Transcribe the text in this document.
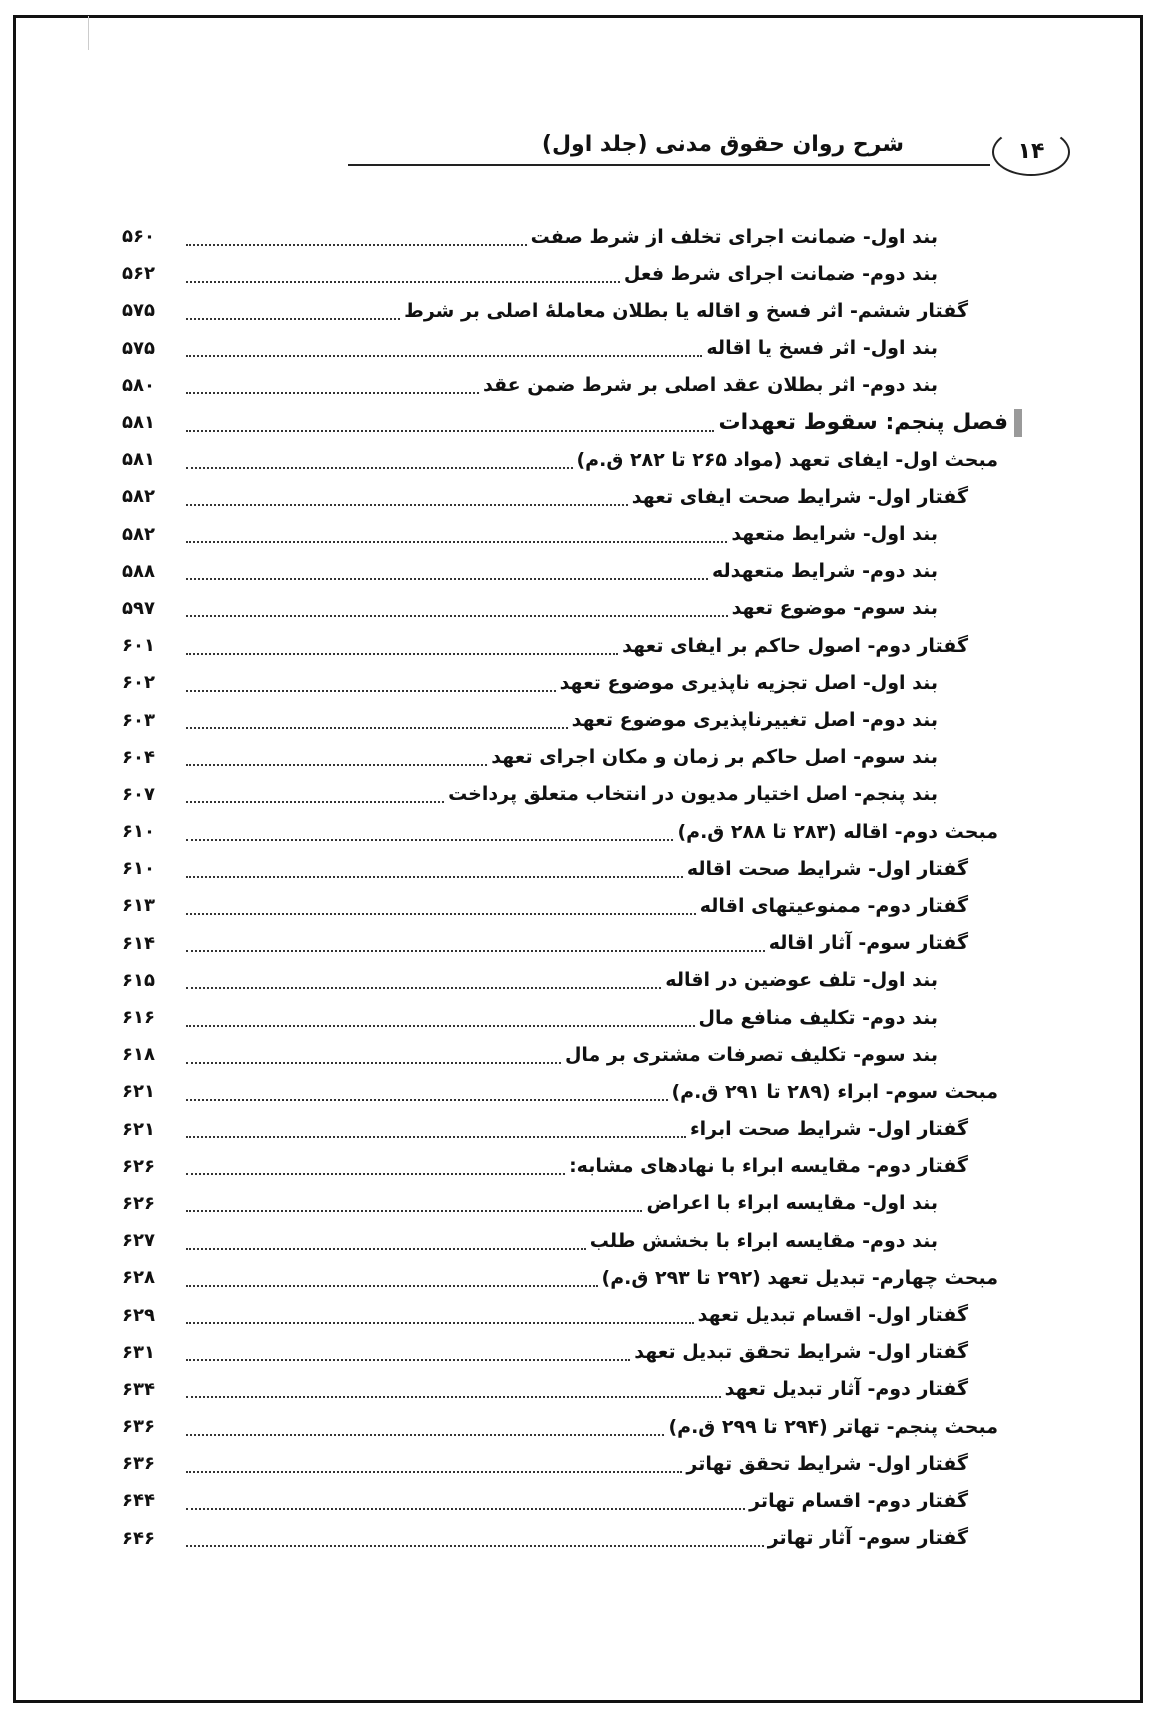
شرح روان حقوق مدنی (جلد اول)	۱۴
بند اول- ضمانت اجرای تخلف از شرط صفت
۵۶۰
بند دوم- ضمانت اجرای شرط فعل
۵۶۲
گفتار ششم- اثر فسخ و اقاله یا بطلان معاملهٔ اصلی بر شرط
۵۷۵
بند اول- اثر فسخ یا اقاله
۵۷۵
بند دوم- اثر بطلان عقد اصلی بر شرط ضمن عقد
۵۸۰
فصل پنجم: سقوط تعهدات
۵۸۱
مبحث اول- ایفای تعهد (مواد ۲۶۵ تا ۲۸۲ ق.م)
۵۸۱
گفتار اول- شرایط صحت ایفای تعهد
۵۸۲
بند اول- شرایط متعهد
۵۸۲
بند دوم- شرایط متعهدله
۵۸۸
بند سوم- موضوع تعهد
۵۹۷
گفتار دوم- اصول حاکم بر ایفای تعهد
۶۰۱
بند اول- اصل تجزیه ناپذیری موضوع تعهد
۶۰۲
بند دوم- اصل تغییرناپذیری موضوع تعهد
۶۰۳
بند سوم- اصل حاکم بر زمان و مکان اجرای تعهد
۶۰۴
بند پنجم- اصل اختیار مدیون در انتخاب متعلق پرداخت
۶۰۷
مبحث دوم- اقاله (۲۸۳ تا ۲۸۸ ق.م)
۶۱۰
گفتار اول- شرایط صحت اقاله
۶۱۰
گفتار دوم- ممنوعیتهای اقاله
۶۱۳
گفتار سوم- آثار اقاله
۶۱۴
بند اول- تلف عوضین در اقاله
۶۱۵
بند دوم- تکلیف منافع مال
۶۱۶
بند سوم- تکلیف تصرفات مشتری بر مال
۶۱۸
مبحث سوم- ابراء (۲۸۹ تا ۲۹۱ ق.م)
۶۲۱
گفتار اول- شرایط صحت ابراء
۶۲۱
گفتار دوم- مقایسه ابراء با نهادهای مشابه:
۶۲۶
بند اول- مقایسه ابراء با اعراض
۶۲۶
بند دوم- مقایسه ابراء با بخشش طلب
۶۲۷
مبحث چهارم- تبدیل تعهد (۲۹۲ تا ۲۹۳ ق.م)
۶۲۸
گفتار اول- اقسام تبدیل تعهد
۶۲۹
گفتار اول- شرایط تحقق تبدیل تعهد
۶۳۱
گفتار دوم- آثار تبدیل تعهد
۶۳۴
مبحث پنجم- تهاتر (۲۹۴ تا ۲۹۹ ق.م)
۶۳۶
گفتار اول- شرایط تحقق تهاتر
۶۳۶
گفتار دوم- اقسام تهاتر
۶۴۴
گفتار سوم- آثار تهاتر
۶۴۶
